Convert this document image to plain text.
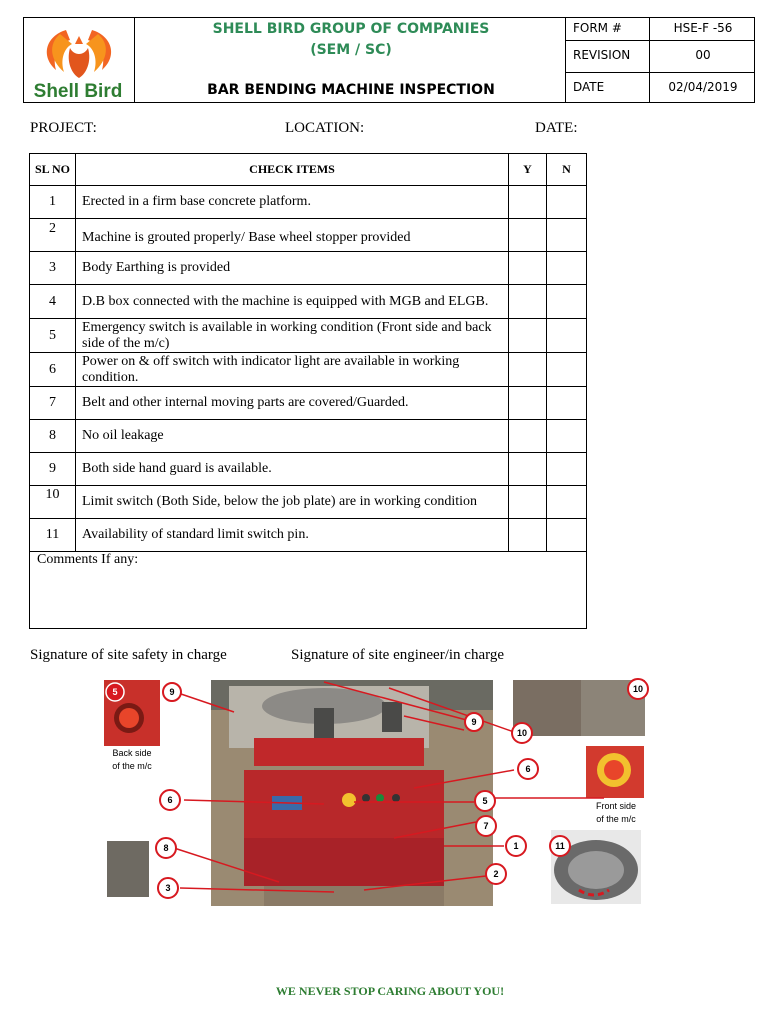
Shell Bird
SHELL BIRD GROUP OF COMPANIES
(SEM / SC)
BAR BENDING MACHINE INSPECTION
FORM #	HSE-F -56
REVISION	00
DATE	02/04/2019
PROJECT:	LOCATION:	DATE:
SL NO	CHECK ITEMS	Y	N
1	Erected in a firm base concrete platform.		
2	Machine is grouted properly/ Base wheel stopper provided		
3	Body Earthing is provided		
4	D.B box connected with the machine is equipped with MGB and ELGB.		
5	Emergency switch is available in working condition (Front side and back side of the m/c)		
6	Power on & off switch with indicator light are available in working condition.		
7	Belt and other internal moving parts are covered/Guarded.		
8	No oil leakage		
9	Both side hand guard is available.		
10	Limit switch (Both Side, below the job plate) are in working condition		
11	Availability of standard limit switch pin.		
Comments If any:			
Signature of site safety in charge	Signature of site engineer/in charge
Back side
of the m/c
Front side
of the m/c
5	9
9
10
10
6
6
5
7
1
8	11
3
2
WE NEVER STOP CARING ABOUT YOU!
